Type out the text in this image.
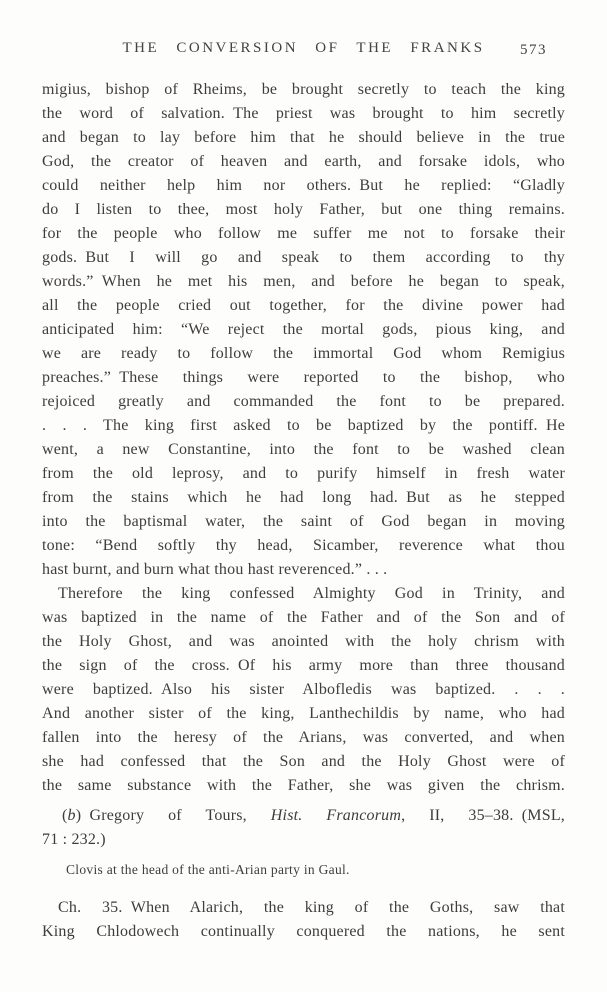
THE CONVERSION OF THE FRANKS 573
migius, bishop of Rheims, be brought secretly to teach the king
the word of salvation. The priest was brought to him secretly
and began to lay before him that he should believe in the true
God, the creator of heaven and earth, and forsake idols, who
could neither help him nor others. But he replied: “Gladly
do I listen to thee, most holy Father, but one thing remains.
for the people who follow me suffer me not to forsake their
gods. But I will go and speak to them according to thy
words.” When he met his men, and before he began to speak,
all the people cried out together, for the divine power had
anticipated him: “We reject the mortal gods, pious king, and
we are ready to follow the immortal God whom Remigius
preaches.” These things were reported to the bishop, who
rejoiced greatly and commanded the font to be prepared.
. . . The king first asked to be baptized by the pontiff. He
went, a new Constantine, into the font to be washed clean
from the old leprosy, and to purify himself in fresh water
from the stains which he had long had. But as he stepped
into the baptismal water, the saint of God began in moving
tone: “Bend softly thy head, Sicamber, reverence what thou
hast burnt, and burn what thou hast reverenced.” . . .
Therefore the king confessed Almighty God in Trinity, and
was baptized in the name of the Father and of the Son and of
the Holy Ghost, and was anointed with the holy chrism with
the sign of the cross. Of his army more than three thousand
were baptized. Also his sister Albofledis was baptized. . . .
And another sister of the king, Lanthechildis by name, who had
fallen into the heresy of the Arians, was converted, and when
she had confessed that the Son and the Holy Ghost were of
the same substance with the Father, she was given the chrism.
(b) Gregory of Tours, Hist. Francorum, II, 35–38. (MSL,
71 : 232.)
Clovis at the head of the anti-Arian party in Gaul.
Ch. 35. When Alarich, the king of the Goths, saw that
King Chlodowech continually conquered the nations, he sent
